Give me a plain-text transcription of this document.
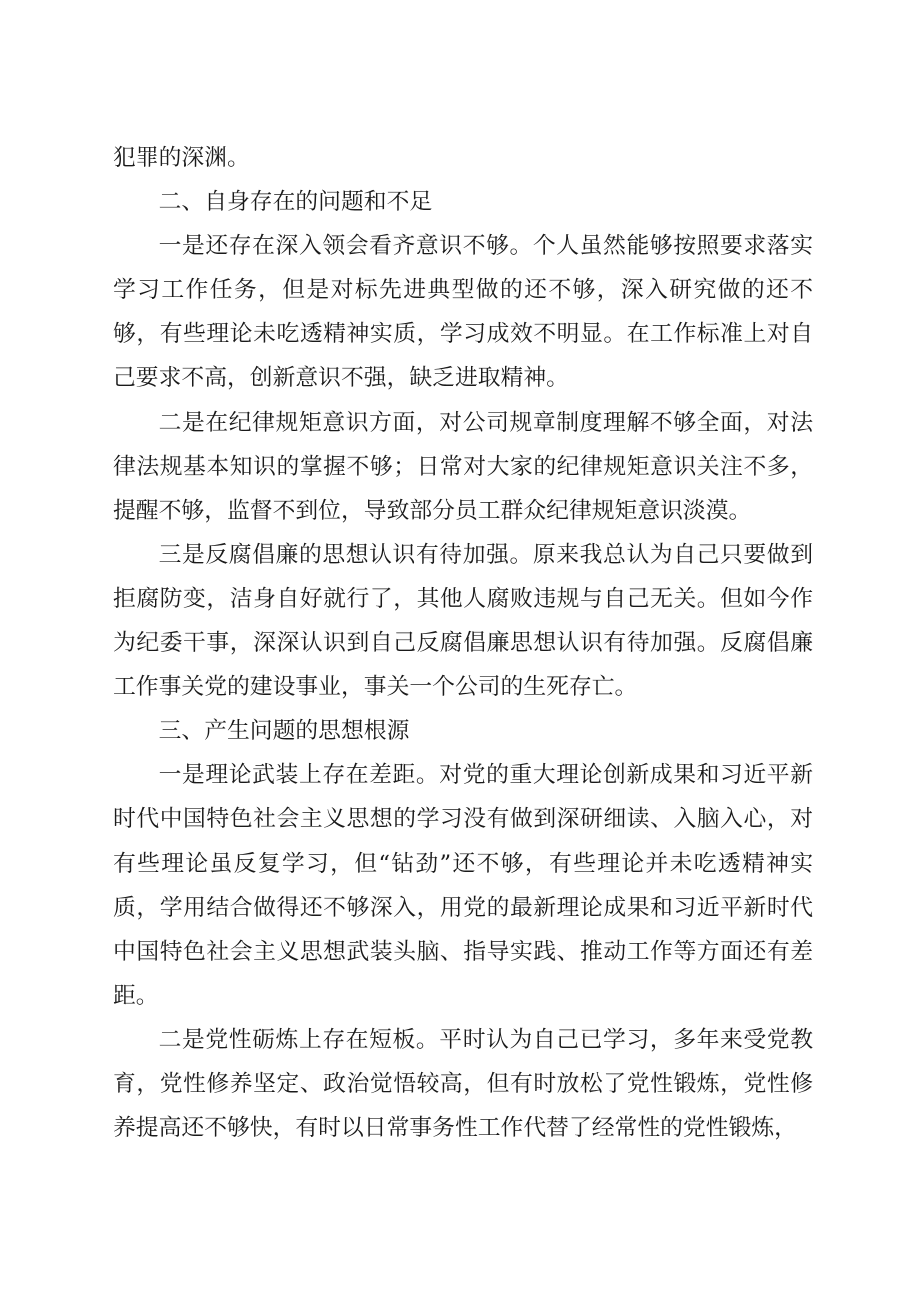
犯罪的深渊。

二、自身存在的问题和不足

一是还存在深入领会看齐意识不够。个人虽然能够按照要求落实学习工作任务，但是对标先进典型做的还不够，深入研究做的还不够，有些理论未吃透精神实质，学习成效不明显。在工作标准上对自己要求不高，创新意识不强，缺乏进取精神。

二是在纪律规矩意识方面，对公司规章制度理解不够全面，对法律法规基本知识的掌握不够；日常对大家的纪律规矩意识关注不多，提醒不够，监督不到位，导致部分员工群众纪律规矩意识淡漠。

三是反腐倡廉的思想认识有待加强。原来我总认为自己只要做到拒腐防变，洁身自好就行了，其他人腐败违规与自己无关。但如今作为纪委干事，深深认识到自己反腐倡廉思想认识有待加强。反腐倡廉工作事关党的建设事业，事关一个公司的生死存亡。

三、产生问题的思想根源

一是理论武装上存在差距。对党的重大理论创新成果和习近平新时代中国特色社会主义思想的学习没有做到深研细读、入脑入心，对有些理论虽反复学习，但“钻劲”还不够，有些理论并未吃透精神实质，学用结合做得还不够深入，用党的最新理论成果和习近平新时代中国特色社会主义思想武装头脑、指导实践、推动工作等方面还有差距。

二是党性砺炼上存在短板。平时认为自己已学习，多年来受党教育，党性修养坚定、政治觉悟较高，但有时放松了党性锻炼，党性修养提高还不够快，有时以日常事务性工作代替了经常性的党性锻炼，
